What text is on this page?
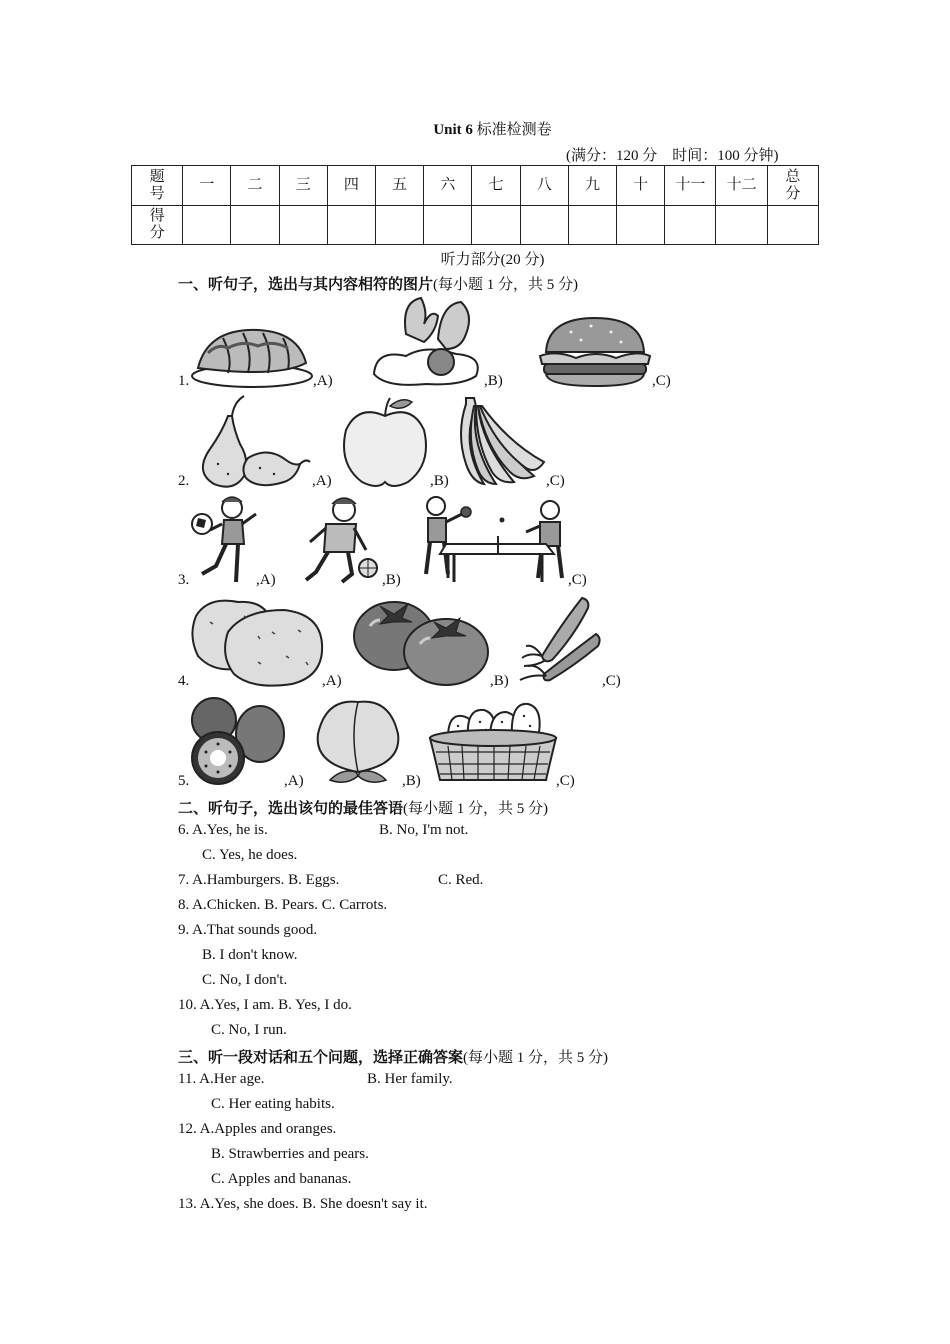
Unit 6 标准检测卷
(满分：120 分　时间：100 分钟)
题号	一	二	三	四	五	六	七	八	九	十	十一	十二	总分
得分													
听力部分(20 分)
一、听句子，选出与其内容相符的图片(每小题 1 分，共 5 分)
1.	,A)	,B)	,C)
2.	,A)	,B)	,C)
3.	,A)	,B)	,C)
4.	,A)	,B)	,C)
5.	,A)	,B)	,C)
二、听句子，选出该句的最佳答语(每小题 1 分，共 5 分)
6. A.Yes, he is.	B. No, I'm not.
C. Yes, he does.
7. A.Hamburgers. B. Eggs.	C. Red.
8. A.Chicken. B. Pears. C. Carrots.
9. A.That sounds good.
B. I don't know.
C. No, I don't.
10. A.Yes, I am. B. Yes, I do.
C. No, I run.
三、听一段对话和五个问题，选择正确答案(每小题 1 分，共 5 分)
11. A.Her age.	B. Her family.
C. Her eating habits.
12. A.Apples and oranges.
B. Strawberries and pears.
C. Apples and bananas.
13. A.Yes, she does. B. She doesn't say it.
